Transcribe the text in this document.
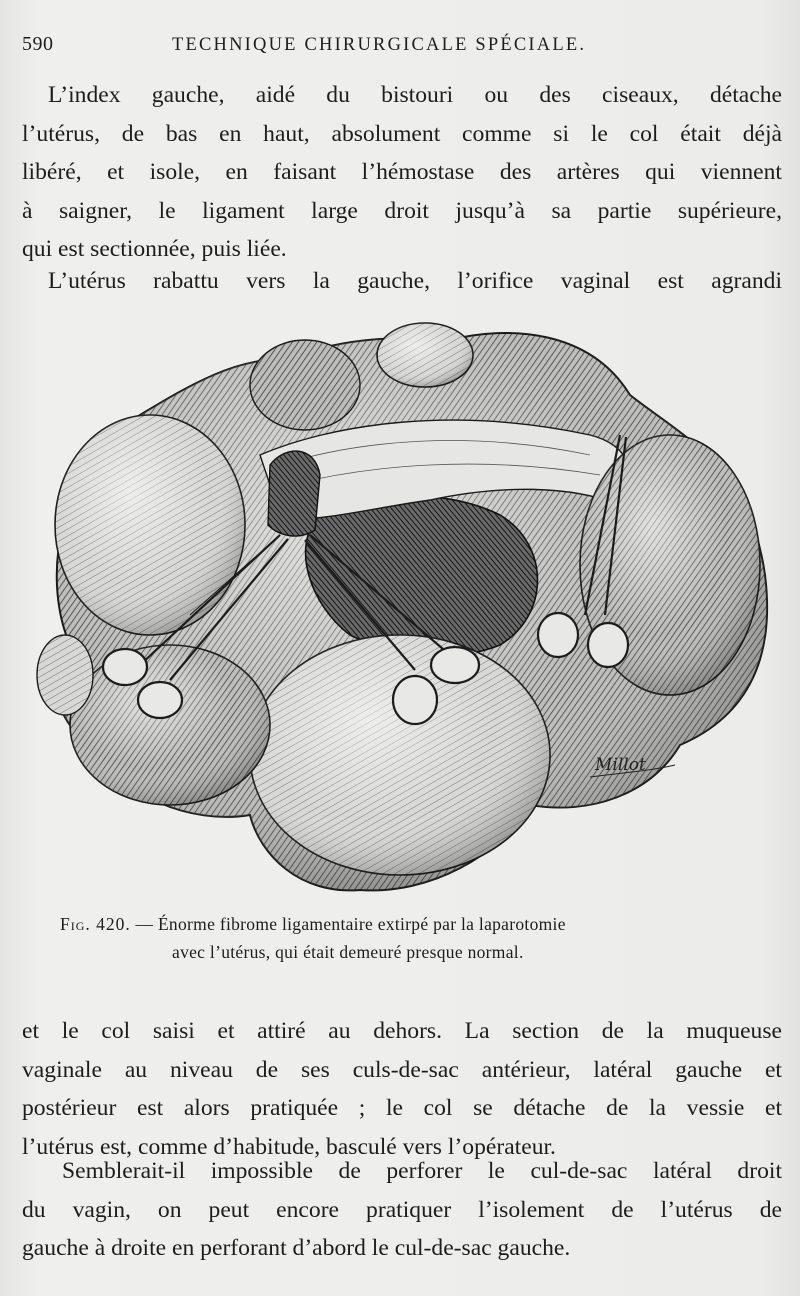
590	TECHNIQUE CHIRURGICALE SPÉCIALE.
L’index gauche, aidé du bistouri ou des ciseaux, détache
l’utérus, de bas en haut, absolument comme si le col était déjà
libéré, et isole, en faisant l’hémostase des artères qui viennent
à saigner, le ligament large droit jusqu’à sa partie supérieure,
qui est sectionnée, puis liée.
L’utérus rabattu vers la gauche, l’orifice vaginal est agrandi
Millot
Fig. 420. — Énorme fibrome ligamentaire extirpé par la laparotomie
avec l’utérus, qui était demeuré presque normal.
et le col saisi et attiré au dehors. La section de la muqueuse
vaginale au niveau de ses culs-de-sac antérieur, latéral gauche et
postérieur est alors pratiquée ; le col se détache de la vessie et
l’utérus est, comme d’habitude, basculé vers l’opérateur.
Semblerait-il impossible de perforer le cul-de-sac latéral droit
du vagin, on peut encore pratiquer l’isolement de l’utérus de
gauche à droite en perforant d’abord le cul-de-sac gauche.
